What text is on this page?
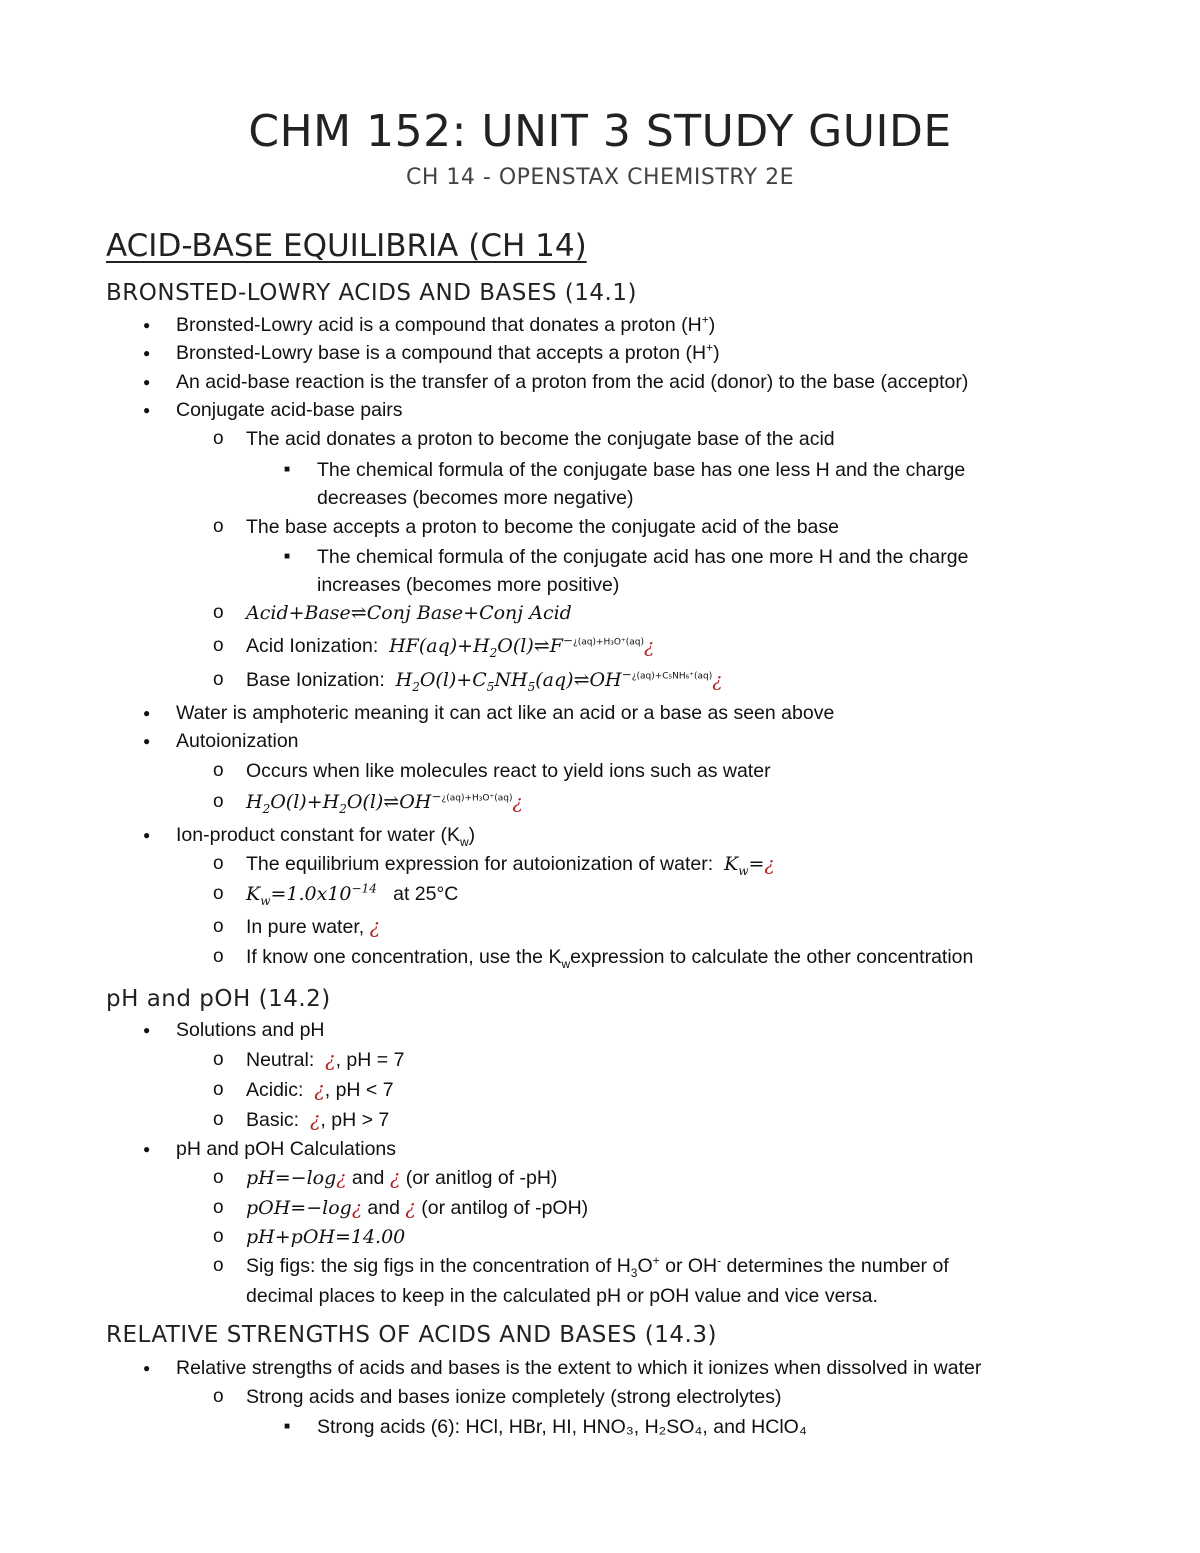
CHM 152: UNIT 3 STUDY GUIDE
CH 14 - OPENSTAX CHEMISTRY 2E
ACID-BASE EQUILIBRIA (CH 14)
BRONSTED-LOWRY ACIDS AND BASES (14.1)
● Bronsted-Lowry acid is a compound that donates a proton (H+)
● Bronsted-Lowry base is a compound that accepts a proton (H+)
● An acid-base reaction is the transfer of a proton from the acid (donor) to the base (acceptor)
● Conjugate acid-base pairs
o The acid donates a proton to become the conjugate base of the acid
■ The chemical formula of the conjugate base has one less H and the charge
decreases (becomes more negative)
o The base accepts a proton to become the conjugate acid of the base
■ The chemical formula of the conjugate acid has one more H and the charge
increases (becomes more positive)
o Acid+Base⇌Conj Base+Conj Acid
o Acid Ionization: $HF(aq)+H_2O(l)\rightleftharpoons F^{-¿(aq)+H_3O^+(aq)}¿$
o Base Ionization: $H_2O(l)+C_5NH_5(aq)\rightleftharpoons OH^{-¿(aq)+C_5NH_6^+(aq)}¿$
● Water is amphoteric meaning it can act like an acid or a base as seen above
● Autoionization
o Occurs when like molecules react to yield ions such as water
o $H_2O(l)+H_2O(l)\rightleftharpoons OH^{-¿(aq)+H_3O^+(aq)}¿$
● Ion-product constant for water $(K_w)$
o The equilibrium expression for autoionization of water: $K_w=¿$
o $K_w=1.0x10^{-14}$ at 25°C
o In pure water, ¿
o If know one concentration, use the $K_wexpression$ to calculate the other concentration
pH and pOH (14.2)
● Solutions and pH
o Neutral: ¿, pH = 7
o Acidic: ¿, pH < 7
o Basic: ¿, pH > 7
● pH and pOH Calculations
o pH=−log¿ and ¿ (or anitlog of -pH)
o pOH=−log¿ and ¿ (or antilog of -pOH)
o pH+pOH=14.00
o Sig figs: the sig figs in the concentration of $H_3O^+$ or OH- determines the number of
decimal places to keep in the calculated pH or pOH value and vice versa.
RELATIVE STRENGTHS OF ACIDS AND BASES (14.3)
● Relative strengths of acids and bases is the extent to which it ionizes when dissolved in water
o Strong acids and bases ionize completely (strong electrolytes)
■ Strong acids (6): HCl, HBr, HI, HNO₃, H₂SO₄, and HClO₄
